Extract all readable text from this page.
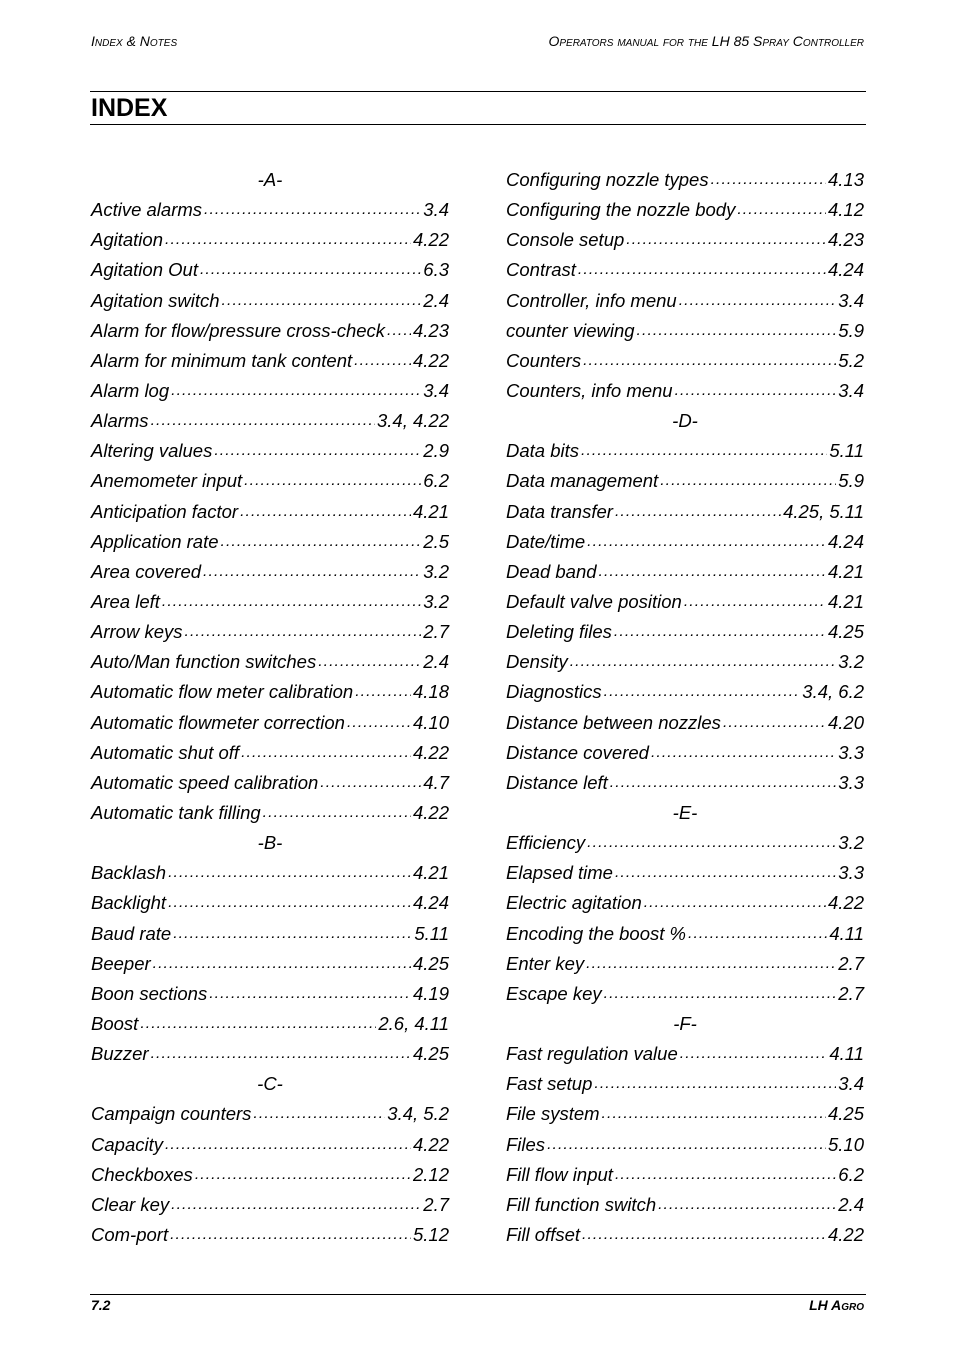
Index & Notes	Operators manual for the LH 85 Spray Controller
INDEX
-A-
Active alarms .....	3.4
Agitation .....	4.22
Agitation Out .....	6.3
Agitation switch .....	2.4
Alarm for flow/pressure cross-check ..... 4.23
Alarm for minimum tank content .....	4.22
Alarm log .....	3.4
Alarms .....	3.4, 4.22
Altering values .....	2.9
Anemometer input .....	6.2
Anticipation factor .....	4.21
Application rate .....	2.5
Area covered .....	3.2
Area left .....	3.2
Arrow keys .....	2.7
Auto/Man function switches .....	2.4
Automatic flow meter calibration .....	4.18
Automatic flowmeter correction .....	4.10
Automatic shut off .....	4.22
Automatic speed calibration .....	4.7
Automatic tank filling .....	4.22
-B-
Backlash .....	4.21
Backlight .....	4.24
Baud rate .....	5.11
Beeper .....	4.25
Boon sections .....	4.19
Boost .....	2.6, 4.11
Buzzer .....	4.25
-C-
Campaign counters .....	3.4, 5.2
Capacity .....	4.22
Checkboxes .....	2.12
Clear key .....	2.7
Com-port .....	5.12
Configuring nozzle types .....	4.13
Configuring the nozzle body .....	4.12
Console setup .....	4.23
Contrast .....	4.24
Controller, info menu .....	3.4
counter viewing .....	5.9
Counters .....	5.2
Counters, info menu .....	3.4
-D-
Data bits .....	5.11
Data management .....	5.9
Data transfer .....	4.25, 5.11
Date/time .....	4.24
Dead band .....	4.21
Default valve position .....	4.21
Deleting files .....	4.25
Density .....	3.2
Diagnostics .....	3.4, 6.2
Distance between nozzles .....	4.20
Distance covered .....	3.3
Distance left .....	3.3
-E-
Efficiency .....	3.2
Elapsed time .....	3.3
Electric agitation .....	4.22
Encoding the boost % .....	4.11
Enter key .....	2.7
Escape key .....	2.7
-F-
Fast regulation value .....	4.11
Fast setup .....	3.4
File system .....	4.25
Files .....	5.10
Fill flow input .....	6.2
Fill function switch .....	2.4
Fill offset .....	4.22
7.2	LH Agro
